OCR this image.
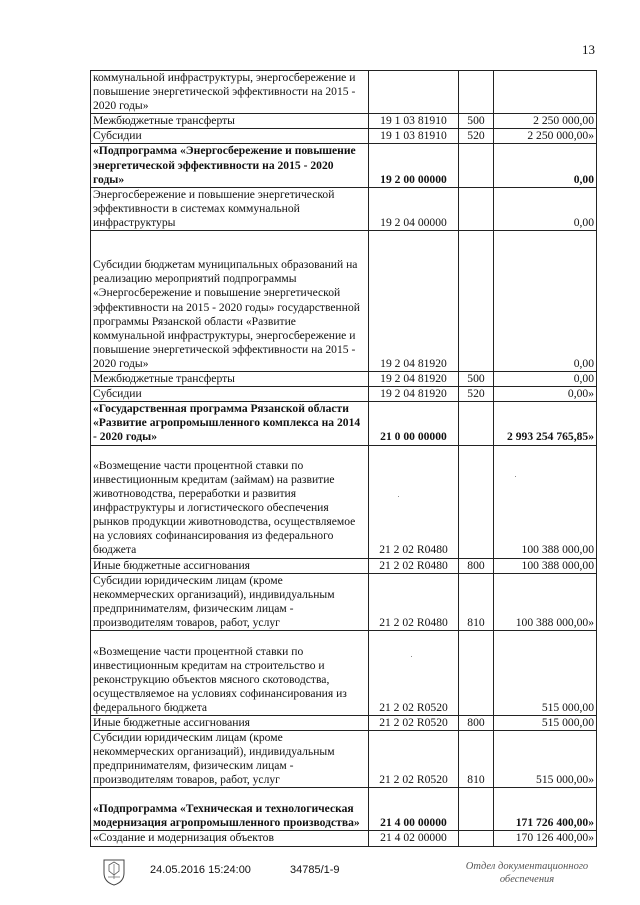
13
коммунальной инфраструктуры, энергосбережение и повышение энергетической эффективности на 2015 - 2020 годы»			
Межбюджетные трансферты	19 1 03 81910	500	2 250 000,00
Субсидии	19 1 03 81910	520	2 250 000,00»
«Подпрограмма «Энергосбережение и повышение энергетической эффективности на 2015 - 2020 годы»	19 2 00 00000		0,00
Энергосбережение и повышение энергетической эффективности в системах коммунальной инфраструктуры	19 2 04 00000		0,00
Субсидии бюджетам муниципальных образований на реализацию мероприятий подпрограммы «Энергосбережение и повышение энергетической эффективности на 2015 - 2020 годы» государственной программы Рязанской области «Развитие коммунальной инфраструктуры, энергосбережение и повышение энергетической эффективности на 2015 - 2020 годы»	19 2 04 81920		0,00
Межбюджетные трансферты	19 2 04 81920	500	0,00
Субсидии	19 2 04 81920	520	0,00»
«Государственная программа Рязанской области «Развитие агропромышленного комплекса на 2014 - 2020 годы»	21 0 00 00000		2 993 254 765,85»
«Возмещение части процентной ставки по инвестиционным кредитам (займам) на развитие животноводства, переработки и развития инфраструктуры и логистического обеспечения рынков продукции животноводства, осуществляемое на условиях софинансирования из федерального бюджета	21 2 02 R0480		100 388 000,00
Иные бюджетные ассигнования	21 2 02 R0480	800	100 388 000,00
Субсидии юридическим лицам (кроме некоммерческих организаций), индивидуальным предпринимателям, физическим лицам - производителям товаров, работ, услуг	21 2 02 R0480	810	100 388 000,00»
«Возмещение части процентной ставки по инвестиционным кредитам на строительство и реконструкцию объектов мясного скотоводства, осуществляемое на условиях софинансирования из федерального бюджета	21 2 02 R0520		515 000,00
Иные бюджетные ассигнования	21 2 02 R0520	800	515 000,00
Субсидии юридическим лицам (кроме некоммерческих организаций), индивидуальным предпринимателям, физическим лицам - производителям товаров, работ, услуг	21 2 02 R0520	810	515 000,00»
«Подпрограмма «Техническая и технологическая модернизация агропромышленного производства»	21 4 00 00000		171 726 400,00»
«Создание и модернизация объектов	21 4 02 00000		170 126 400,00»
24.05.2016 15:24:00	34785/1-9	Отдел документационного
обеспечения
